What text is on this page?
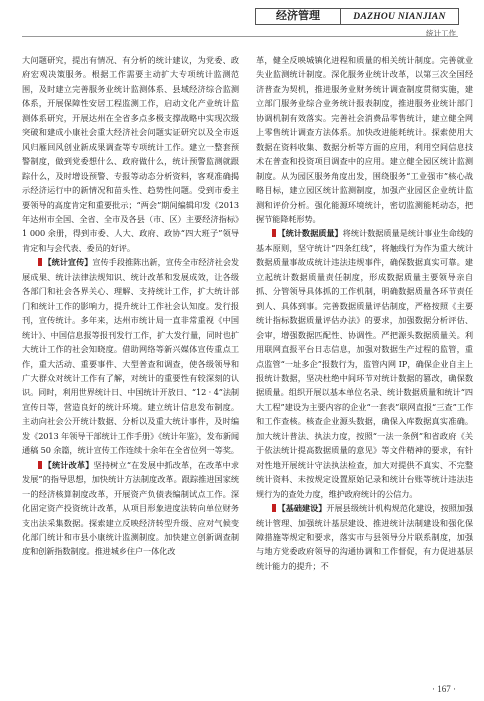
经济管理	DAZHOU NIANJIAN
统计工作

大问题研究，提出有情况、有分析的统计建议，为党委、政府宏观决策服务。根据工作需要主动扩大专项统计监测范围，及时建立完善服务业统计监测体系、县域经济综合监测体系，开展保障性安居工程监测工作，启动文化产业统计监测体系研究，开展达州在全省多点多极支撑战略中实现次级突破和建成小康社会重大经济社会问题实证研究以及全市返风归雁回风创业新成果调查等专项统计工作。建立一整套预警制度，做到党委想什么、政府做什么，统计预警监测就跟踪什么，及时增设预警、专报等动态分析资料，客观准确揭示经济运行中的新情况和苗头性、趋势性问题。受到市委主要领导的高度肯定和重要批示；“两会”期间编辑印发《2013 年达州市全国、全省、全市及各县（市、区）主要经济指标》1 000 余册，得到市委、人大、政府、政协“四大班子”领导肯定和与会代表、委员的好评。

【统计宣传】宣传手段推陈出新，宣传全市经济社会发展成果、统计法律法规知识、统计改革和发展成效，让各级各部门和社会各界关心、理解、支持统计工作，扩大统计部门和统计工作的影响力，提升统计工作社会认知度。发行报刊，宣传统计。多年来，达州市统计局一直非常重视《中国统计》、中国信息报等报刊发行工作，扩大发行量，同时也扩大统计工作的社会知晓度。借助网络等新兴媒体宣传重点工作，重大活动、重要事件、大型普查和调查，使各级领导和广大群众对统计工作有了解，对统计的重要性有较深刻的认识。同时，利用世界统计日、中国统计开放日、“12 · 4”法制宣传日等，营造良好的统计环境。建立统计信息发布制度。主动向社会公开统计数据、分析以及重大统计事件，及时编发《2013 年领导干部统计工作手册》《统计年鉴》，发布新闻通稿 50 余篇，统计宣传工作连续十余年在全省位列一等奖。

【统计改革】坚持树立“在发展中抓改革，在改革中求发展”的指导思想，加快统计方法制度改革。跟踪推进国家统一的经济核算制度改革，开展资产负债表编制试点工作。深化固定资产投资统计改革，从项目形象进度法转向单位财务支出法采集数据。探索建立反映经济转型升级、应对气候变化部门统计和市县小康统计监测制度。加快建立创新调查制度和创新指数制度。推进城乡住户一体化改

革，健全反映城镇化进程和质量的相关统计制度。完善就业失业监测统计制度。深化服务业统计改革，以第三次全国经济普查为契机，推进服务业财务统计调查制度贯彻实施，建立部门服务业综合业务统计报表制度，推进服务业统计部门协调机制有效落实。完善社会消费品零售统计，建立健全网上零售统计调查方法体系。加快改进能耗统计。探索使用大数据在资料收集、数据分析等方面的应用，利用空间信息技术在普查和投资项目调查中的应用。建立健全园区统计监测制度。从为园区服务角度出发，围绕服务“工业强市”核心战略目标，建立园区统计监测制度，加强产业园区企业统计监测和评价分析。强化能源环境统计，密切监测能耗动态，把握节能降耗形势。

【统计数据质量】将统计数据质量是统计事业生命线的基本原则，坚守统计“四条红线”，将触线行为作为重大统计数据质量事故成统计违法违规事件，确保数据真实可靠。建立起统计数据质量责任制度，形成数据质量主要领导亲自抓、分管领导具体抓的工作机制，明确数据质量各环节责任到人、具体到事。完善数据质量评估制度，严格按照《主要统计指标数据质量评估办法》的要求，加强数据分析评估、会审，增强数据匹配性、协调性。严把源头数据质量关。利用联网直报平台日志信息，加强对数据生产过程的监管，重点监管“一址多企”报数行为，监管内网 IP，确保企业自主上报统计数据，坚决杜绝中间环节对统计数据的篡改，确保数据质量。组织开展以基本单位名录、统计数据质量和统计“四大工程”建设为主要内容的企业“一套表”联网直报“三查”工作和工作查核。核查企业源头数据，确保入库数据真实准确。加大统计普法、执法力度，按照“一法一条例”和省政府《关于依法统计提高数据质量的意见》等文件精神的要求，有针对性地开展统计守法执法检查，加大对提供不真实、不完整统计资料、未按规定设置原始记录和统计台账等统计违法违规行为的查处力度，维护政府统计的公信力。

【基础建设】开展县级统计机构规范化建设，按照加强统计管理、加强统计基层建设、推进统计法制建设和强化保障措施等规定和要求，落实市与县领导分片联系制度，加强与地方党委政府领导的沟通协调和工作督促，有力促进基层统计能力的提升；不

· 167 ·
